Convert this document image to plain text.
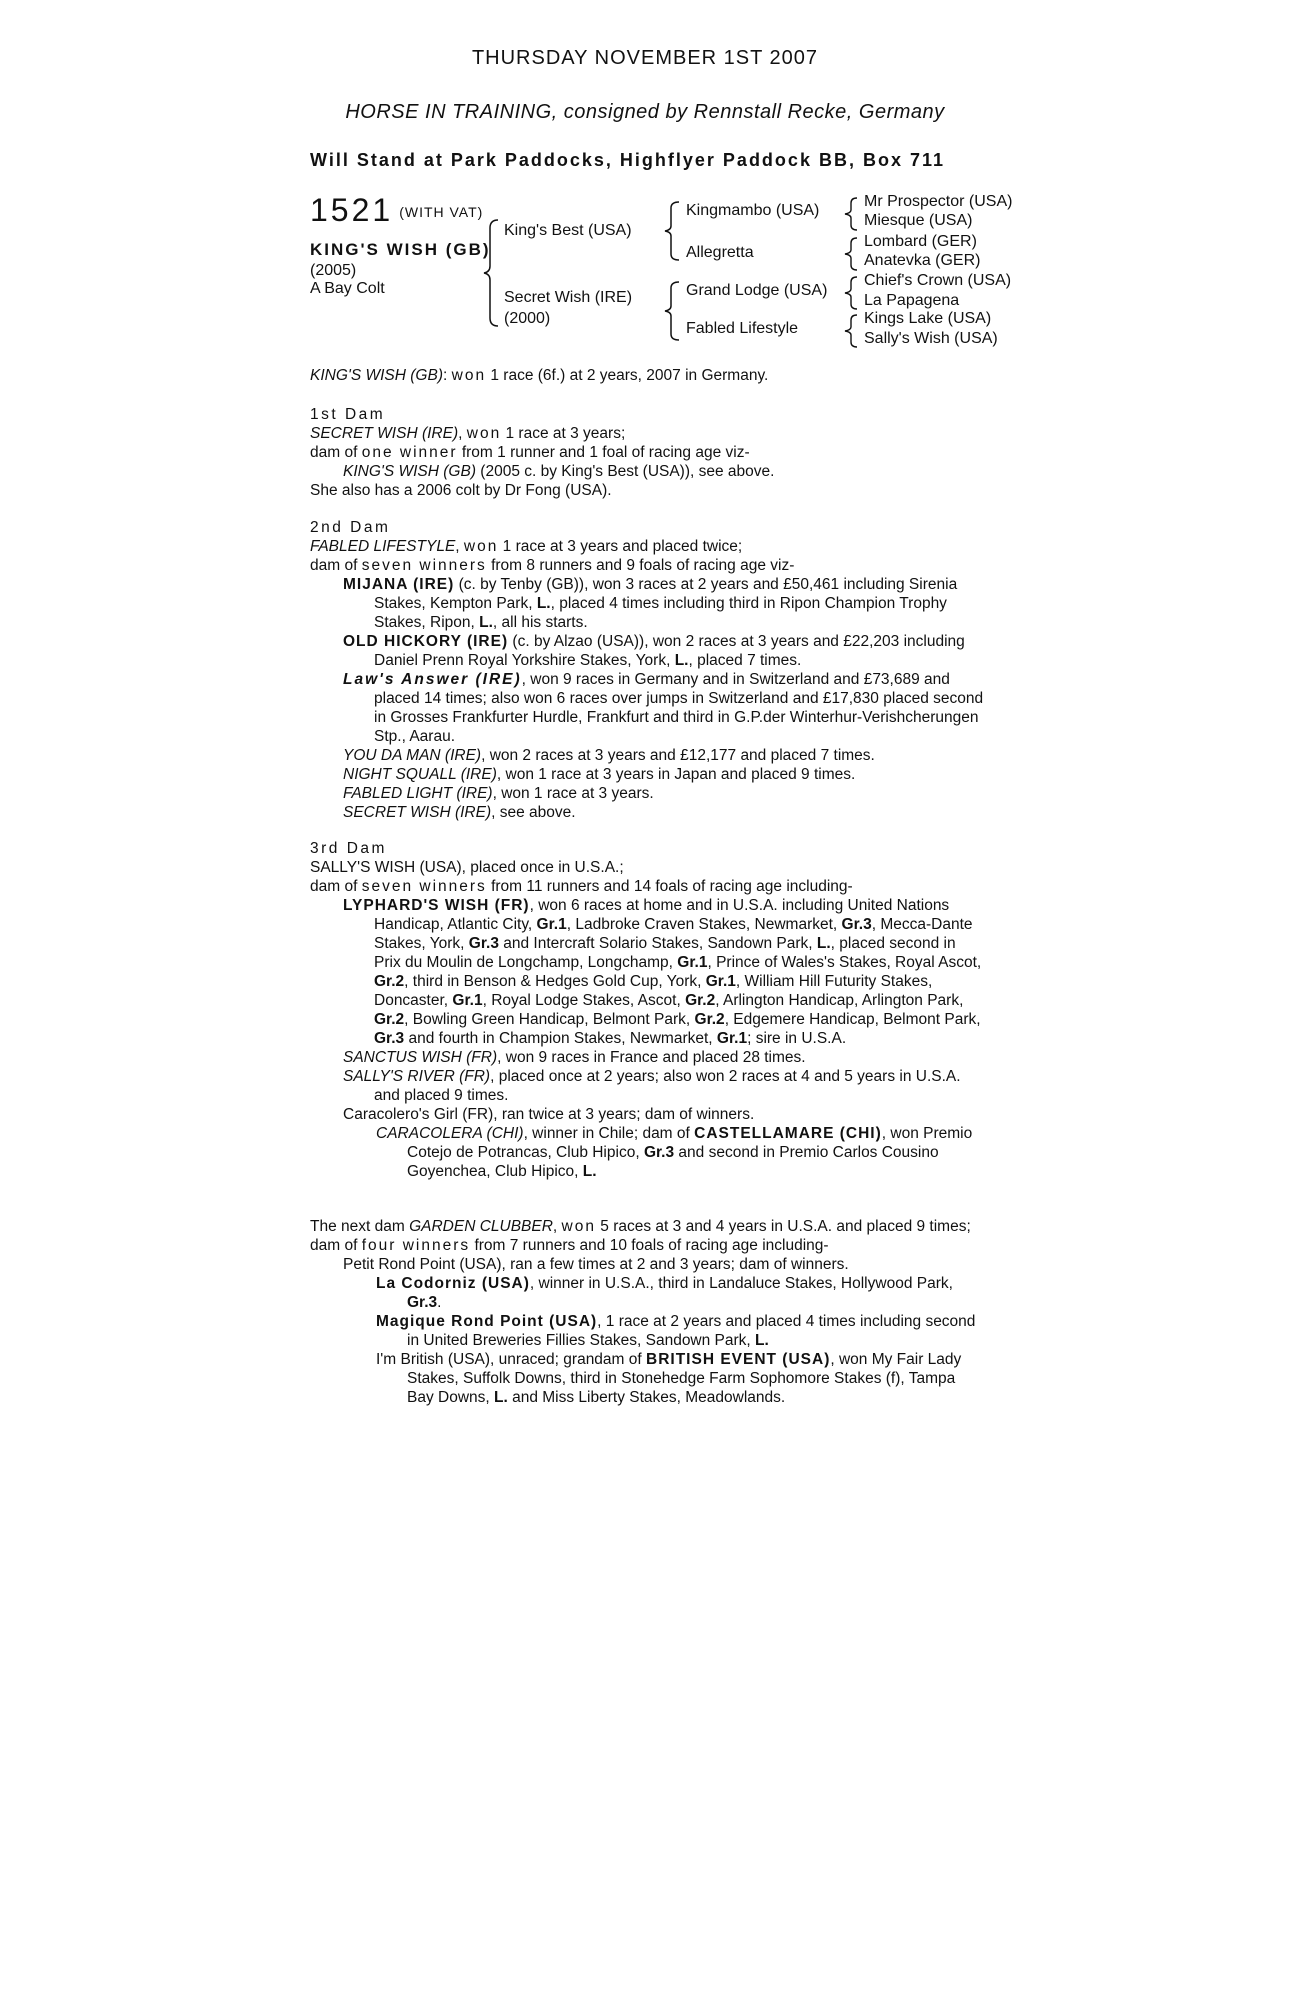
THURSDAY NOVEMBER 1ST 2007
HORSE IN TRAINING, consigned by Rennstall Recke, Germany
Will Stand at Park Paddocks, Highflyer Paddock BB, Box 711
1521 (WITH VAT)
KING'S WISH (GB)
(2005)
A Bay Colt
King's Best (USA)
Secret Wish (IRE)
(2000)
Kingmambo (USA)
Allegretta
Grand Lodge (USA)
Fabled Lifestyle
Mr Prospector (USA)
Miesque (USA)
Lombard (GER)
Anatevka (GER)
Chief's Crown (USA)
La Papagena
Kings Lake (USA)
Sally's Wish (USA)

KING'S WISH (GB): won 1 race (6f.) at 2 years, 2007 in Germany.

1st Dam

SECRET WISH (IRE), won 1 race at 3 years;

dam of one winner from 1 runner and 1 foal of racing age viz-

KING'S WISH (GB) (2005 c. by King's Best (USA)), see above.

She also has a 2006 colt by Dr Fong (USA).

2nd Dam

FABLED LIFESTYLE, won 1 race at 3 years and placed twice;

dam of seven winners from 8 runners and 9 foals of racing age viz-

MIJANA (IRE) (c. by Tenby (GB)), won 3 races at 2 years and £50,461 including Sirenia Stakes, Kempton Park, L., placed 4 times including third in Ripon Champion Trophy Stakes, Ripon, L., all his starts.

OLD HICKORY (IRE) (c. by Alzao (USA)), won 2 races at 3 years and £22,203 including Daniel Prenn Royal Yorkshire Stakes, York, L., placed 7 times.

Law's Answer (IRE), won 9 races in Germany and in Switzerland and £73,689 and placed 14 times; also won 6 races over jumps in Switzerland and £17,830 placed second in Grosses Frankfurter Hurdle, Frankfurt and third in G.P.der Winterhur-Verishcherungen Stp., Aarau.

YOU DA MAN (IRE), won 2 races at 3 years and £12,177 and placed 7 times.

NIGHT SQUALL (IRE), won 1 race at 3 years in Japan and placed 9 times.

FABLED LIGHT (IRE), won 1 race at 3 years.

SECRET WISH (IRE), see above.

3rd Dam

SALLY'S WISH (USA), placed once in U.S.A.;

dam of seven winners from 11 runners and 14 foals of racing age including-

LYPHARD'S WISH (FR), won 6 races at home and in U.S.A. including United Nations Handicap, Atlantic City, Gr.1, Ladbroke Craven Stakes, Newmarket, Gr.3, Mecca-Dante Stakes, York, Gr.3 and Intercraft Solario Stakes, Sandown Park, L., placed second in Prix du Moulin de Longchamp, Longchamp, Gr.1, Prince of Wales's Stakes, Royal Ascot, Gr.2, third in Benson & Hedges Gold Cup, York, Gr.1, William Hill Futurity Stakes, Doncaster, Gr.1, Royal Lodge Stakes, Ascot, Gr.2, Arlington Handicap, Arlington Park, Gr.2, Bowling Green Handicap, Belmont Park, Gr.2, Edgemere Handicap, Belmont Park, Gr.3 and fourth in Champion Stakes, Newmarket, Gr.1; sire in U.S.A.

SANCTUS WISH (FR), won 9 races in France and placed 28 times.

SALLY'S RIVER (FR), placed once at 2 years; also won 2 races at 4 and 5 years in U.S.A. and placed 9 times.

Caracolero's Girl (FR), ran twice at 3 years; dam of winners.

CARACOLERA (CHI), winner in Chile; dam of CASTELLAMARE (CHI), won Premio Cotejo de Potrancas, Club Hipico, Gr.3 and second in Premio Carlos Cousino Goyenchea, Club Hipico, L.

The next dam GARDEN CLUBBER, won 5 races at 3 and 4 years in U.S.A. and placed 9 times;

dam of four winners from 7 runners and 10 foals of racing age including-

Petit Rond Point (USA), ran a few times at 2 and 3 years; dam of winners.

La Codorniz (USA), winner in U.S.A., third in Landaluce Stakes, Hollywood Park, Gr.3.

Magique Rond Point (USA), 1 race at 2 years and placed 4 times including second in United Breweries Fillies Stakes, Sandown Park, L.

I'm British (USA), unraced; grandam of BRITISH EVENT (USA), won My Fair Lady Stakes, Suffolk Downs, third in Stonehedge Farm Sophomore Stakes (f), Tampa Bay Downs, L. and Miss Liberty Stakes, Meadowlands.
